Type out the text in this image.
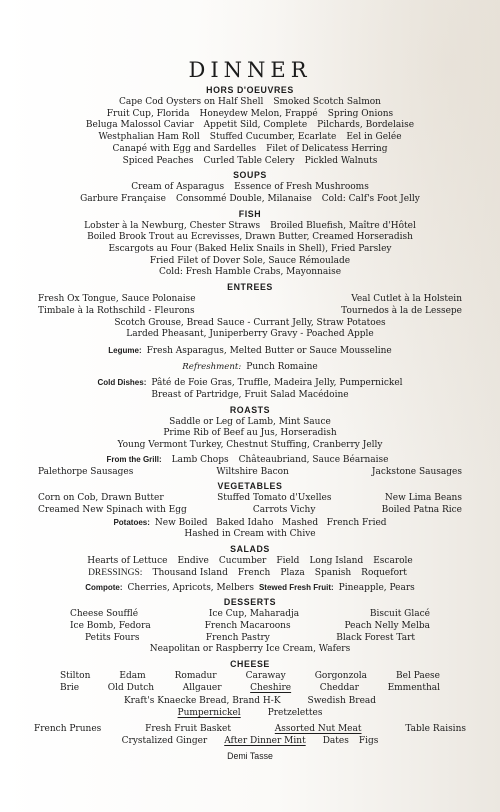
DINNER
HORS D'OEUVRES
Cape Cod Oysters on Half Shell Smoked Scotch Salmon
Fruit Cup, Florida Honeydew Melon, Frappé Spring Onions
Beluga Malossol Caviar Appetit Sild, Complete Pilchards, Bordelaise
Westphalian Ham Roll Stuffed Cucumber, Ecarlate Eel in Gelée
Canapé with Egg and Sardelles Filet of Delicatess Herring
Spiced Peaches Curled Table Celery Pickled Walnuts
SOUPS
Cream of Asparagus Essence of Fresh Mushrooms
Garbure Française Consommé Double, Milanaise Cold: Calf's Foot Jelly
FISH
Lobster à la Newburg, Chester Straws Broiled Bluefish, Maître d'Hôtel
Boiled Brook Trout au Ecrevisses, Drawn Butter, Creamed Horseradish
Escargots au Four (Baked Helix Snails in Shell), Fried Parsley
Fried Filet of Dover Sole, Sauce Rémoulade
Cold: Fresh Hamble Crabs, Mayonnaise
ENTREES
Fresh Ox Tongue, Sauce Polonaise	Veal Cutlet à la Holstein
Timbale à la Rothschild - Fleurons	Tournedos à la de Lessepe
Scotch Grouse, Bread Sauce - Currant Jelly, Straw Potatoes
Larded Pheasant, Juniperberry Gravy - Poached Apple
Legume: Fresh Asparagus, Melted Butter or Sauce Mousseline
Refreshment: Punch Romaine
Cold Dishes: Pâté de Foie Gras, Truffle, Madeira Jelly, Pumpernickel
Breast of Partridge, Fruit Salad Macédoine
ROASTS
Saddle or Leg of Lamb, Mint Sauce
Prime Rib of Beef au Jus, Horseradish
Young Vermont Turkey, Chestnut Stuffing, Cranberry Jelly
From the Grill: Lamb Chops Châteaubriand, Sauce Béarnaise
Palethorpe Sausages	Wiltshire Bacon	Jackstone Sausages
VEGETABLES
Corn on Cob, Drawn Butter	Stuffed Tomato d'Uxelles	New Lima Beans
Creamed New Spinach with Egg	Carrots Vichy	Boiled Patna Rice
Potatoes: New Boiled   Baked Idaho   Mashed   French Fried
Hashed in Cream with Chive
SALADS
Hearts of Lettuce Endive Cucumber Field Long Island Escarole
DRESSINGS: Thousand Island French Plaza Spanish Roquefort
Compote: Cherries, Apricots, Melbers Stewed Fresh Fruit: Pineapple, Pears
DESSERTS
Cheese Soufflé	Ice Cup, Maharadja	Biscuit Glacé
Ice Bomb, Fedora	French Macaroons	Peach Nelly Melba
Petits Fours	French Pastry	Black Forest Tart
Neapolitan or Raspberry Ice Cream, Wafers
CHEESE
Stilton	Edam	Romadur	Caraway	Gorgonzola	Bel Paese
Brie	Old Dutch	Allgauer	Cheshire	Cheddar	Emmenthal
Kraft's Knaecke Bread, Brand H-K	Swedish Bread
Pumpernickel	Pretzelettes
French Prunes	Fresh Fruit Basket	Assorted Nut Meat	Table Raisins
Crystalized Ginger After Dinner Mint Dates Figs
Demi Tasse
